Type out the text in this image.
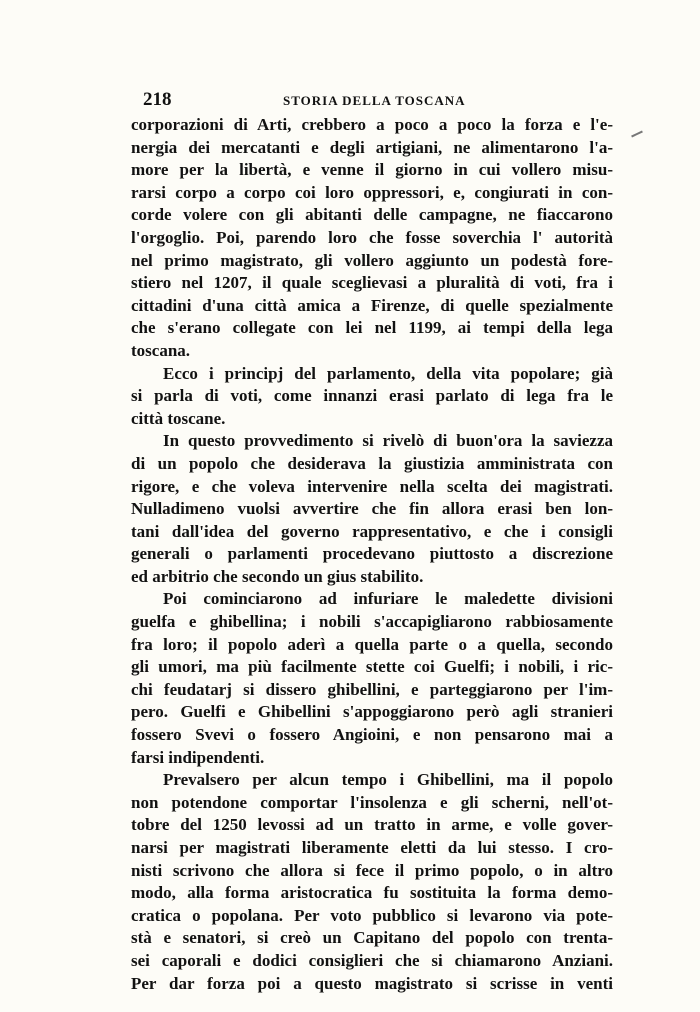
218	STORIA DELLA TOSCANA
corporazioni di Arti, crebbero a poco a poco la forza e l'e-
nergia dei mercatanti e degli artigiani, ne alimentarono l'a-
more per la libertà, e venne il giorno in cui vollero misu-
rarsi corpo a corpo coi loro oppressori, e, congiurati in con-
corde volere con gli abitanti delle campagne, ne fiaccarono
l'orgoglio. Poi, parendo loro che fosse soverchia l' autorità
nel primo magistrato, gli vollero aggiunto un podestà fore-
stiero nel 1207, il quale sceglievasi a pluralità di voti, fra i
cittadini d'una città amica a Firenze, di quelle spezialmente
che s'erano collegate con lei nel 1199, ai tempi della lega
toscana.
Ecco i principj del parlamento, della vita popolare; già
si parla di voti, come innanzi erasi parlato di lega fra le
città toscane.
In questo provvedimento si rivelò di buon'ora la saviezza
di un popolo che desiderava la giustizia amministrata con
rigore, e che voleva intervenire nella scelta dei magistrati.
Nulladimeno vuolsi avvertire che fin allora erasi ben lon-
tani dall'idea del governo rappresentativo, e che i consigli
generali o parlamenti procedevano piuttosto a discrezione
ed arbitrio che secondo un gius stabilito.
Poi cominciarono ad infuriare le maledette divisioni
guelfa e ghibellina; i nobili s'accapigliarono rabbiosamente
fra loro; il popolo aderì a quella parte o a quella, secondo
gli umori, ma più facilmente stette coi Guelfi; i nobili, i ric-
chi feudatarj si dissero ghibellini, e parteggiarono per l'im-
pero. Guelfi e Ghibellini s'appoggiarono però agli stranieri
fossero Svevi o fossero Angioini, e non pensarono mai a
farsi indipendenti.
Prevalsero per alcun tempo i Ghibellini, ma il popolo
non potendone comportar l'insolenza e gli scherni, nell'ot-
tobre del 1250 levossi ad un tratto in arme, e volle gover-
narsi per magistrati liberamente eletti da lui stesso. I cro-
nisti scrivono che allora si fece il primo popolo, o in altro
modo, alla forma aristocratica fu sostituita la forma demo-
cratica o popolana. Per voto pubblico si levarono via pote-
stà e senatori, si creò un Capitano del popolo con trenta-
sei caporali e dodici consiglieri che si chiamarono Anziani.
Per dar forza poi a questo magistrato si scrisse in venti
